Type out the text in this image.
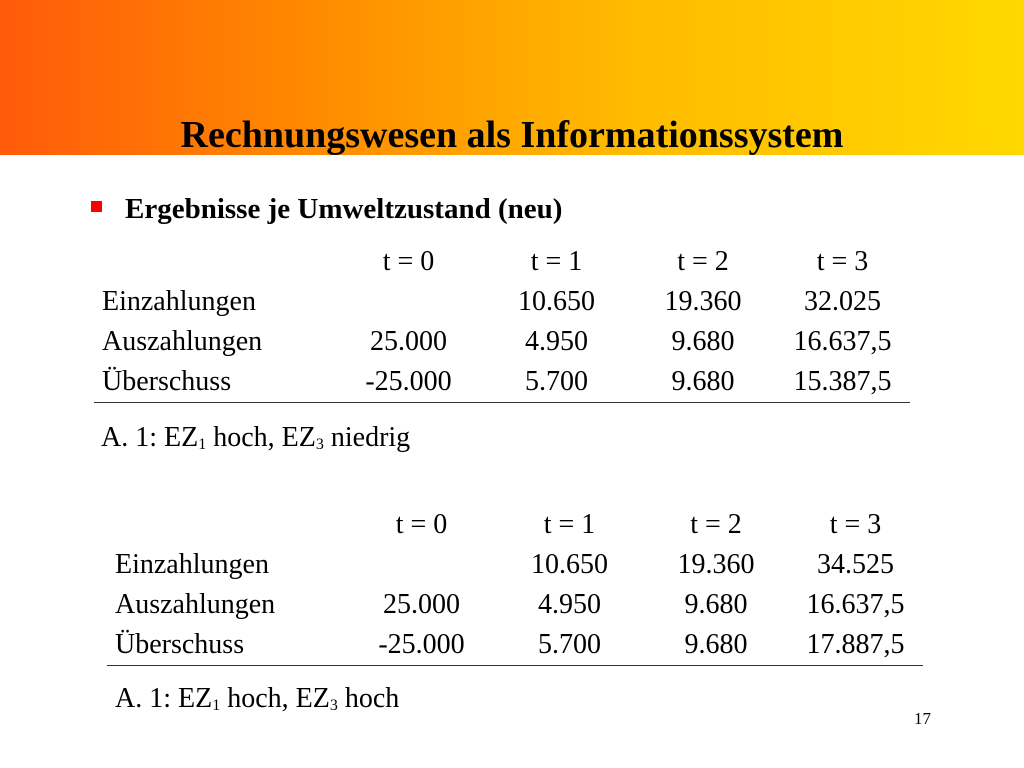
Rechnungswesen als Informationssystem
Ergebnisse je Umweltzustand (neu)
	t = 0	t = 1	t = 2	t = 3
Einzahlungen		10.650	19.360	32.025
Auszahlungen	25.000	4.950	9.680	16.637,5
Überschuss	-25.000	5.700	9.680	15.387,5
A. 1: $EZ_1$ hoch, $EZ_3$ niedrig
	t = 0	t = 1	t = 2	t = 3
Einzahlungen		10.650	19.360	34.525
Auszahlungen	25.000	4.950	9.680	16.637,5
Überschuss	-25.000	5.700	9.680	17.887,5
A. 1: $EZ_1$ hoch, $EZ_3$ hoch
17
